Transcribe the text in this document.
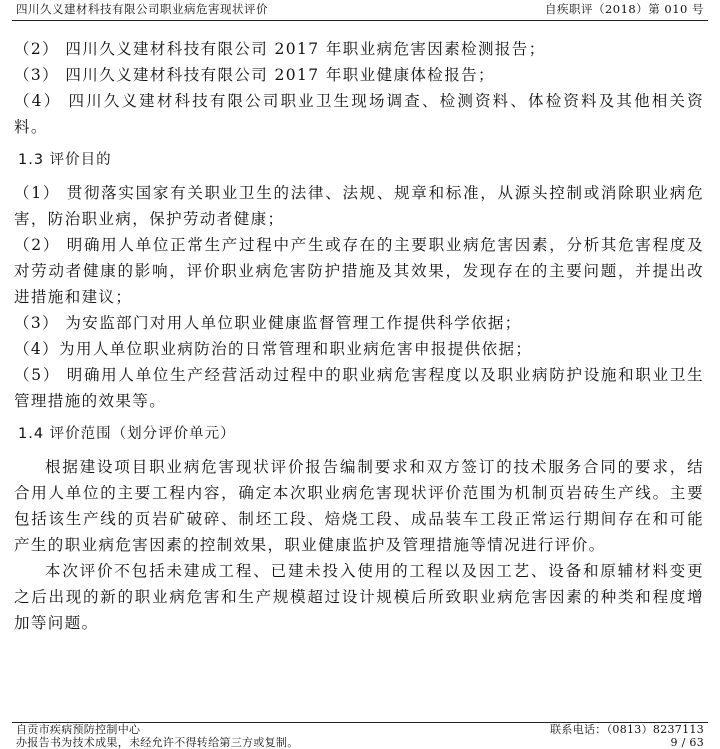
四川久义建材科技有限公司职业病危害现状评价	自疾职评（2018）第 010 号

（2） 四川久义建材科技有限公司 2017 年职业病危害因素检测报告；

（3） 四川久义建材科技有限公司 2017 年职业健康体检报告；

（4） 四川久义建材科技有限公司职业卫生现场调查、检测资料、体检资料及其他相关资料。

1.3 评价目的

（1） 贯彻落实国家有关职业卫生的法律、法规、规章和标准，从源头控制或消除职业病危害，防治职业病，保护劳动者健康；

（2） 明确用人单位正常生产过程中产生或存在的主要职业病危害因素，分析其危害程度及对劳动者健康的影响，评价职业病危害防护措施及其效果，发现存在的主要问题，并提出改进措施和建议；

（3） 为安监部门对用人单位职业健康监督管理工作提供科学依据；

（4）为用人单位职业病防治的日常管理和职业病危害申报提供依据；

（5） 明确用人单位生产经营活动过程中的职业病危害程度以及职业病防护设施和职业卫生管理措施的效果等。

1.4 评价范围（划分评价单元）

根据建设项目职业病危害现状评价报告编制要求和双方签订的技术服务合同的要求，结合用人单位的主要工程内容，确定本次职业病危害现状评价范围为机制页岩砖生产线。主要包括该生产线的页岩矿破碎、制坯工段、焙烧工段、成品装车工段正常运行期间存在和可能产生的职业病危害因素的控制效果，职业健康监护及管理措施等情况进行评价。

本次评价不包括未建成工程、已建未投入使用的工程以及因工艺、设备和原辅材料变更之后出现的新的职业病危害和生产规模超过设计规模后所致职业病危害因素的种类和程度增加等问题。

自贡市疾病预防控制中心	联系电话：（0813）8237113
办报告书为技术成果，未经允许不得转给第三方或复制。	9 / 63
